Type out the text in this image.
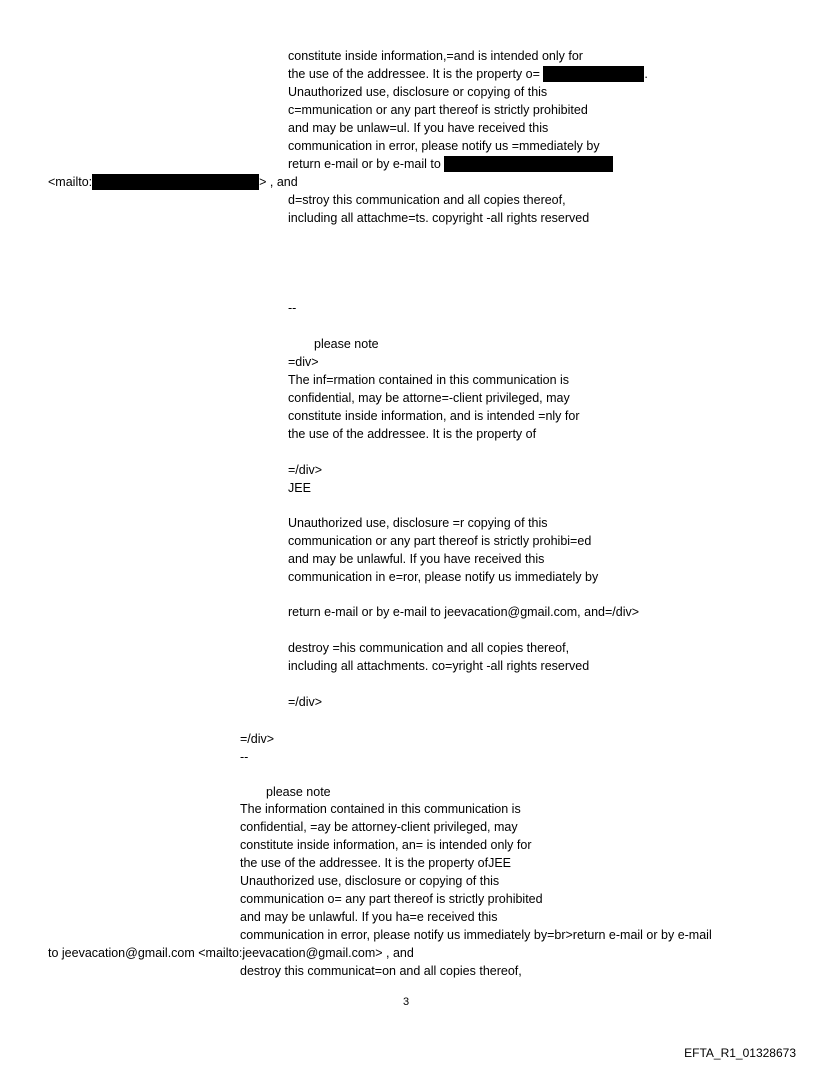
constitute inside information,=and is intended only for
the use of the addressee. It is the property o=	.
Unauthorized use, disclosure or copying of this
c=mmunication or any part thereof is strictly prohibited
and may be unlaw=ul. If you have received this
communication in error, please notify us =mmediately by
return e-mail or by e-mail to
<mailto:	> , and
d=stroy this communication and all copies thereof,
including all attachme=ts. copyright -all rights reserved
--
please note
=div>
The inf=rmation contained in this communication is
confidential, may be attorne=-client privileged, may
constitute inside information, and is intended =nly for
the use of the addressee. It is the property of
=/div>
JEE
Unauthorized use, disclosure =r copying of this
communication or any part thereof is strictly prohibi=ed
and may be unlawful. If you have received this
communication in e=ror, please notify us immediately by
return e-mail or by e-mail to jeevacation@gmail.com, and=/div>
destroy =his communication and all copies thereof,
including all attachments. co=yright -all rights reserved
=/div>
=/div>
--
please note
The information contained in this communication is
confidential, =ay be attorney-client privileged, may
constitute inside information, an= is intended only for
the use of the addressee. It is the property ofJEE
Unauthorized use, disclosure or copying of this
communication o= any part thereof is strictly prohibited
and may be unlawful. If you ha=e received this
communication in error, please notify us immediately by=br>return e-mail or by e-mail
to jeevacation@gmail.com <mailto:jeevacation@gmail.com> , and
destroy this communicat=on and all copies thereof,
3
EFTA_R1_01328673
